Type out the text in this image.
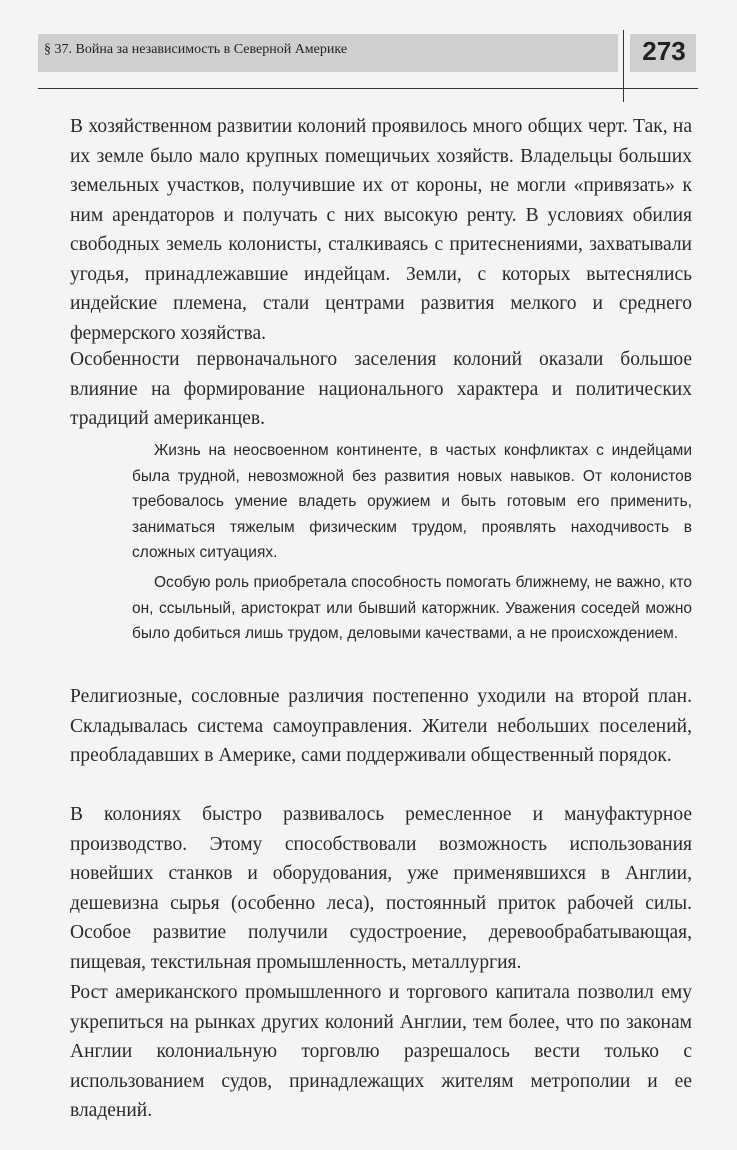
§ 37. Война за независимость в Северной Америке	273

В хозяйственном развитии колоний проявилось много общих черт. Так, на их земле было мало крупных помещичьих хозяйств. Владельцы больших земельных участков, получившие их от короны, не могли «привязать» к ним арендаторов и получать с них высокую ренту. В условиях обилия свободных земель колонисты, сталкиваясь с притеснениями, захватывали угодья, принадлежавшие индейцам. Земли, с которых вытеснялись индейские племена, стали центрами развития мелкого и среднего фермерского хозяйства.

Особенности первоначального заселения колоний оказали большое влияние на формирование национального характера и политических традиций американцев.

Жизнь на неосвоенном континенте, в частых конфликтах с индейцами была трудной, невозможной без развития новых навыков. От колонистов требовалось умение владеть оружием и быть готовым его применить, заниматься тяжелым физическим трудом, проявлять находчивость в сложных ситуациях.

Особую роль приобретала способность помогать ближнему, не важно, кто он, ссыльный, аристократ или бывший каторжник. Уважения соседей можно было добиться лишь трудом, деловыми качествами, а не происхождением.

Религиозные, сословные различия постепенно уходили на второй план. Складывалась система самоуправления. Жители небольших поселений, преобладавших в Америке, сами поддерживали общественный порядок.

В колониях быстро развивалось ремесленное и мануфактурное производство. Этому способствовали возможность использования новейших станков и оборудования, уже применявшихся в Англии, дешевизна сырья (особенно леса), постоянный приток рабочей силы. Особое развитие получили судостроение, деревообрабатывающая, пищевая, текстильная промышленность, металлургия.

Рост американского промышленного и торгового капитала позволил ему укрепиться на рынках других колоний Англии, тем более, что по законам Англии колониальную торговлю разрешалось вести только с использованием судов, принадлежащих жителям метрополии и ее владений.
